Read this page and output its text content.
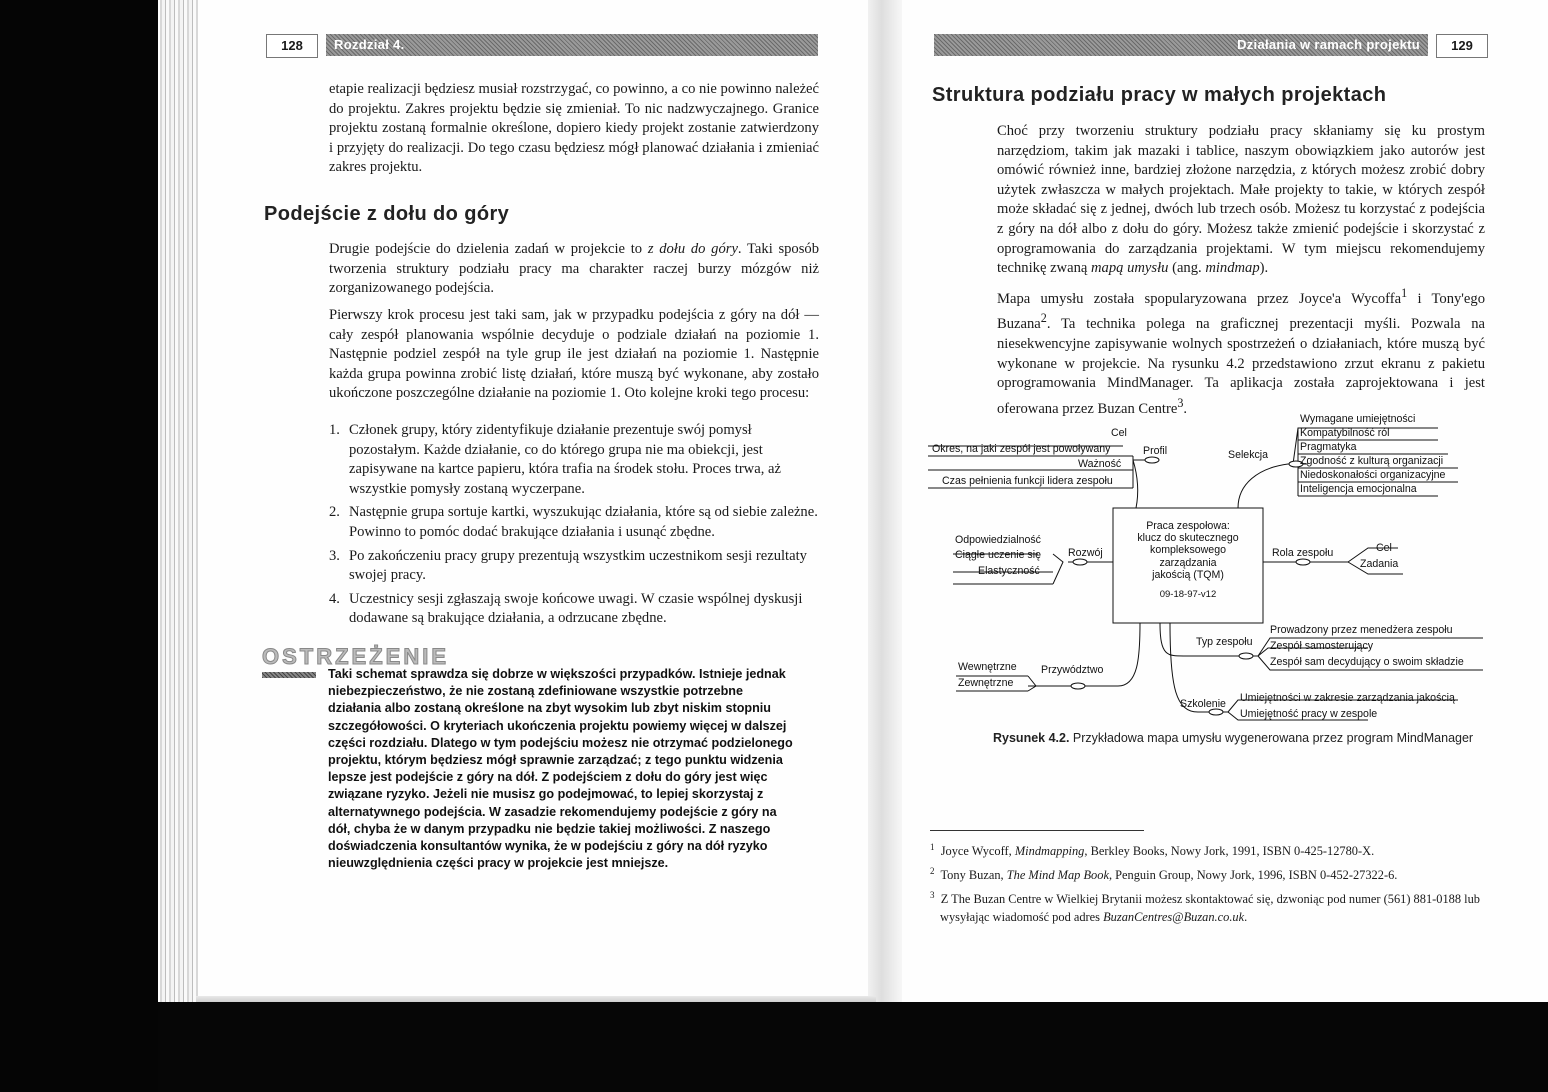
128	Rozdział 4.

etapie realizacji będziesz musiał rozstrzygać, co powinno, a co nie powinno należeć do projektu. Zakres projektu będzie się zmieniał. To nic nadzwyczajnego. Granice projektu zostaną formalnie określone, dopiero kiedy projekt zostanie zatwierdzony i przyjęty do realizacji. Do tego czasu będziesz mógł planować działania i zmieniać zakres projektu.

Podejście z dołu do góry

Drugie podejście do dzielenia zadań w projekcie to z dołu do góry. Taki sposób tworzenia struktury podziału pracy ma charakter raczej burzy mózgów niż zorganizowanego podejścia.

Pierwszy krok procesu jest taki sam, jak w przypadku podejścia z góry na dół — cały zespół planowania wspólnie decyduje o podziale działań na poziomie 1. Następnie podziel zespół na tyle grup ile jest działań na poziomie 1. Następnie każda grupa powinna zrobić listę działań, które muszą być wykonane, aby zostało ukończone poszczególne działanie na poziomie 1. Oto kolejne kroki tego procesu:

1. Członek grupy, który zidentyfikuje działanie prezentuje swój pomysł pozostałym. Każde działanie, co do którego grupa nie ma obiekcji, jest zapisywane na kartce papieru, która trafia na środek stołu. Proces trwa, aż wszystkie pomysły zostaną wyczerpane.
2. Następnie grupa sortuje kartki, wyszukując działania, które są od siebie zależne. Powinno to pomóc dodać brakujące działania i usunąć zbędne.
3. Po zakończeniu pracy grupy prezentują wszystkim uczestnikom sesji rezultaty swojej pracy.
4. Uczestnicy sesji zgłaszają swoje końcowe uwagi. W czasie wspólnej dyskusji dodawane są brakujące działania, a odrzucane zbędne.
OSTRZEŻENIE
Taki schemat sprawdza się dobrze w większości przypadków. Istnieje jednak niebezpieczeństwo, że nie zostaną zdefiniowane wszystkie potrzebne działania albo zostaną określone na zbyt wysokim lub zbyt niskim stopniu szczegółowości. O kryteriach ukończenia projektu powiemy więcej w dalszej części rozdziału. Dlatego w tym podejściu możesz nie otrzymać podzielonego projektu, którym będziesz mógł sprawnie zarządzać; z tego punktu widzenia lepsze jest podejście z góry na dół. Z podejściem z dołu do góry jest więc związane ryzyko. Jeżeli nie musisz go podejmować, to lepiej skorzystaj z alternatywnego podejścia. W zasadzie rekomendujemy podejście z góry na dół, chyba że w danym przypadku nie będzie takiej możliwości. Z naszego doświadczenia konsultantów wynika, że w podejściu z góry na dół ryzyko nieuwzględnienia części pracy w projekcie jest mniejsze.
Działania w ramach projektu	129
Struktura podziału pracy w małych projektach

Choć przy tworzeniu struktury podziału pracy skłaniamy się ku prostym narzędziom, takim jak mazaki i tablice, naszym obowiązkiem jako autorów jest omówić również inne, bardziej złożone narzędzia, z których możesz zrobić dobry użytek zwłaszcza w małych projektach. Małe projekty to takie, w których zespół może składać się z jednej, dwóch lub trzech osób. Możesz tu korzystać z podejścia z góry na dół albo z dołu do góry. Możesz także zmienić podejście i skorzystać z oprogramowania do zarządzania projektami. W tym miejscu rekomendujemy technikę zwaną mapą umysłu (ang. mindmap).

Mapa umysłu została spopularyzowana przez Joyce'a Wycoffa$^1$ i Tony'ego Buzana$^2$. Ta technika polega na graficznej prezentacji myśli. Pozwala na niesekwencyjne zapisywanie wolnych spostrzeżeń o działaniach, które muszą być wykonane w projekcie. Na rysunku 4.2 przedstawiono zrzut ekranu z pakietu oprogramowania MindManager. Ta aplikacja została zaprojektowana i jest oferowana przez Buzan Centre$^3$.

Praca zespołowa:
klucz do skutecznego
kompleksowego
zarządzania
jakością (TQM)
09-18-97-v12
Profil
Cel
Okres, na jaki zespół jest powoływany
Ważność
Czas pełnienia funkcji lidera zespołu
Selekcja
Wymagane umiejętności
Kompatybilność ról
Pragmatyka
Zgodność z kulturą organizacji
Niedoskonałości organizacyjne
Inteligencja emocjonalna
Rozwój
Odpowiedzialność
Ciągłe uczenie się
Elastyczność
Rola zespołu	Cel
Zadania
Typ zespołu
Prowadzony przez menedżera zespołu
Zespół samosterujący
Zespół sam decydujący o swoim składzie
Przywództwo
Wewnętrzne
Zewnętrzne
Szkolenie Umiejętności w zakresie zarządzania jakością
Umiejętność pracy w zespole
Rysunek 4.2. Przykładowa mapa umysłu wygenerowana przez program MindManager
$^1$ Joyce Wycoff, Mindmapping, Berkley Books, Nowy Jork, 1991, ISBN 0-425-12780-X.
$^2$ Tony Buzan, The Mind Map Book, Penguin Group, Nowy Jork, 1996, ISBN 0-452-27322-6.
$^3$ Z The Buzan Centre w Wielkiej Brytanii możesz skontaktować się, dzwoniąc pod numer (561) 881-0188 lub wysyłając wiadomość pod adres BuzanCentres@Buzan.co.uk.
